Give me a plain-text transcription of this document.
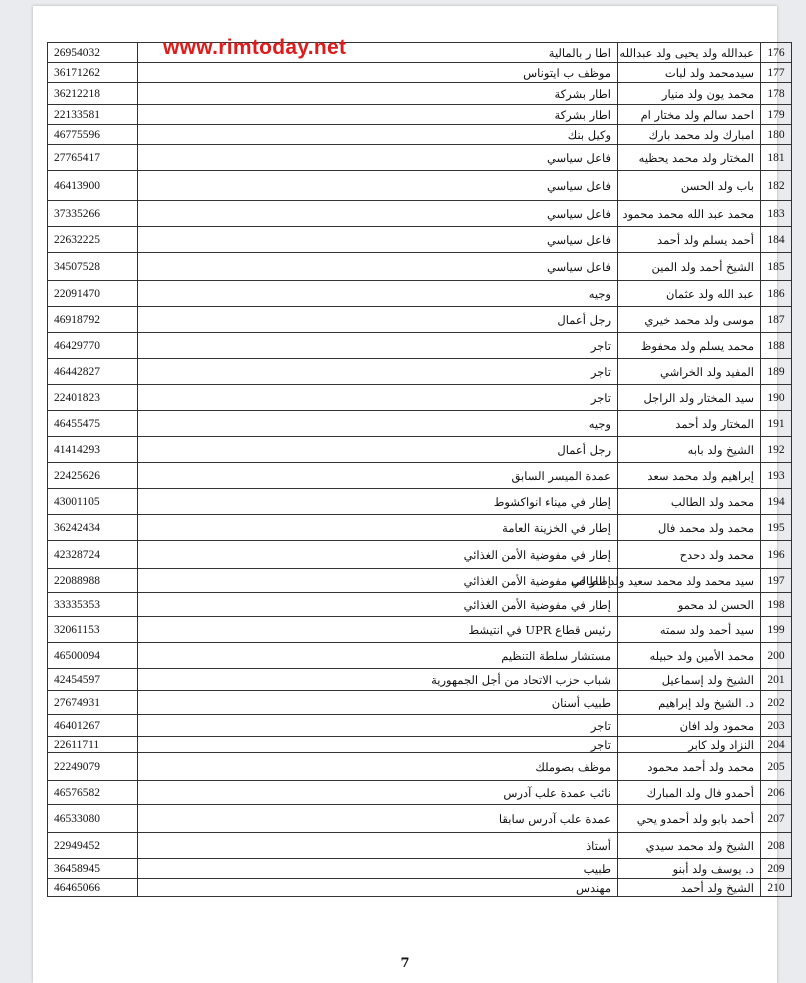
26954032	اطا ر بالمالية	عبدالله ولد يحيى ولد عبدالله	176
36171262	موظف ب ايتوناس	سيدمحمد ولد لبات	177
36212218	اطار بشركة	محمد يون ولد منيار	178
22133581	اطار بشركة	احمد سالم ولد مختار ام	179
46775596	وكيل بنك	امبارك ولد محمد بارك	180
27765417	فاعل سياسي	المختار ولد محمد يحظيه	181
46413900	فاعل سياسي	باب ولد الحسن	182
37335266	فاعل سياسي	محمد عبد الله محمد محمود	183
22632225	فاعل سياسي	أحمد يسلم ولد أحمد	184
34507528	فاعل سياسي	الشيخ أحمد ولد المين	185
22091470	وجيه	عبد الله ولد عثمان	186
46918792	رجل أعمال	موسى ولد محمد خيري	187
46429770	تاجر	محمد يسلم ولد محفوظ	188
46442827	تاجر	المفيد ولد الخراشي	189
22401823	تاجر	سيد المختار ولد الراجل	190
46455475	وجيه	المختار ولد أحمد	191
41414293	رجل أعمال	الشيخ ولد بابه	192
22425626	عمدة الميسر السابق	إبراهيم ولد محمد سعد	193
43001105	إطار في ميناء انواكشوط	محمد ولد الطالب	194
36242434	إطار في الخزينة العامة	محمد ولد محمد فال	195
42328724	إطار في مفوضية الأمن الغذائي	محمد ولد دحدح	196
22088988	إطار في مفوضية الأمن الغذائي	سيد محمد ولد محمد سعيد ولد الطالب	197
33335353	إطار في مفوضية الأمن الغذائي	الحسن لد محمو	198
32061153	رئيس قطاع UPR في انتيشط	سيد أحمد ولد سمته	199
46500094	مستشار سلطة التنظيم	محمد الأمين ولد حبيله	200
42454597	شباب حزب الاتحاد من أجل الجمهورية	الشيخ ولد إسماعيل	201
27674931	طبيب أسنان	د. الشيخ ولد إبراهيم	202
46401267	تاجر	محمود ولد افان	203
22611711	تاجر	النزاد ولد كابر	204
22249079	موظف بصوملك	محمد ولد أحمد محمود	205
46576582	نائب عمدة علب آدرس	أحمدو فال ولد المبارك	206
46533080	عمدة علب آدرس سابقا	أحمد بابو ولد أحمدو يحي	207
22949452	أستاذ	الشيخ ولد محمد سيدي	208
36458945	طبيب	د. يوسف ولد أبنو	209
46465066	مهندس	الشيخ ولد أحمد	210
www.rimtoday.net
7
